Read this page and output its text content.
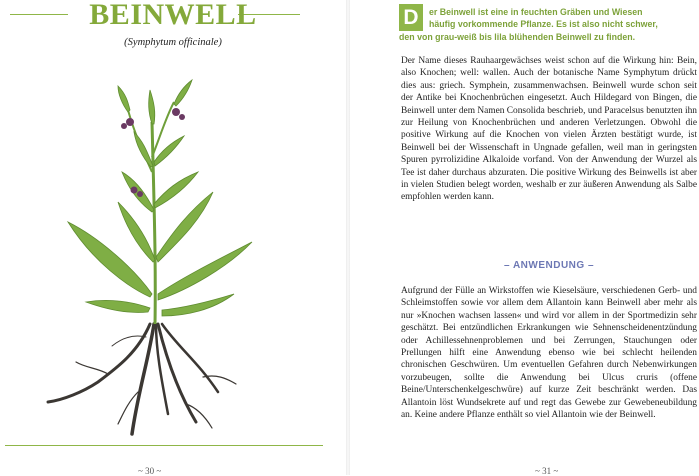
BEINWELL
(Symphytum officinale)
~ 30 ~
D	er Beinwell ist eine in feuchten Gräben und Wiesen
häufig vorkommende Pflanze. Es ist also nicht schwer,
den von grau-weiß bis lila blühenden Beinwell zu finden.

Der Name dieses Rauhaargewächses weist schon auf die Wirkung hin: Bein, also Knochen; well: wallen. Auch der botanische Name Symphytum drückt dies aus: griech. Symphein, zusammenwachsen. Beinwell wurde schon seit der Antike bei Knochenbrüchen eingesetzt. Auch Hildegard von Bingen, die Beinwell unter dem Namen Consolida beschrieb, und Paracelsus benutzten ihn zur Heilung von Knochenbrüchen und anderen Verletzungen. Obwohl die positive Wirkung auf die Knochen von vielen Ärzten bestätigt wurde, ist Beinwell bei der Wissenschaft in Ungnade gefallen, weil man in geringsten Spuren pyrrolizidine Alkaloide vorfand. Von der Anwendung der Wurzel als Tee ist daher durchaus abzuraten. Die positive Wirkung des Beinwells ist aber in vielen Studien belegt worden, weshalb er zur äußeren Anwendung als Salbe empfohlen werden kann.

– ANWENDUNG –

Aufgrund der Fülle an Wirkstoffen wie Kieselsäure, verschiedenen Gerb- und Schleimstoffen sowie vor allem dem Allantoin kann Beinwell aber mehr als nur »Knochen wachsen lassen« und wird vor allem in der Sportmedizin sehr geschätzt. Bei entzündlichen Erkrankungen wie Sehnenscheidenentzündung oder Achillessehnenproblemen und bei Zerrungen, Stauchungen oder Prellungen hilft eine Anwendung ebenso wie bei schlecht heilenden chronischen Geschwüren. Um eventuellen Gefahren durch Nebenwirkungen vorzubeugen, sollte die Anwendung bei Ulcus cruris (offene Beine/Unterschenkelgeschwüre) auf kurze Zeit beschränkt werden. Das Allantoin löst Wundsekrete auf und regt das Gewebe zur Gewebeneubildung an. Keine andere Pflanze enthält so viel Allantoin wie der Beinwell.

~ 31 ~
